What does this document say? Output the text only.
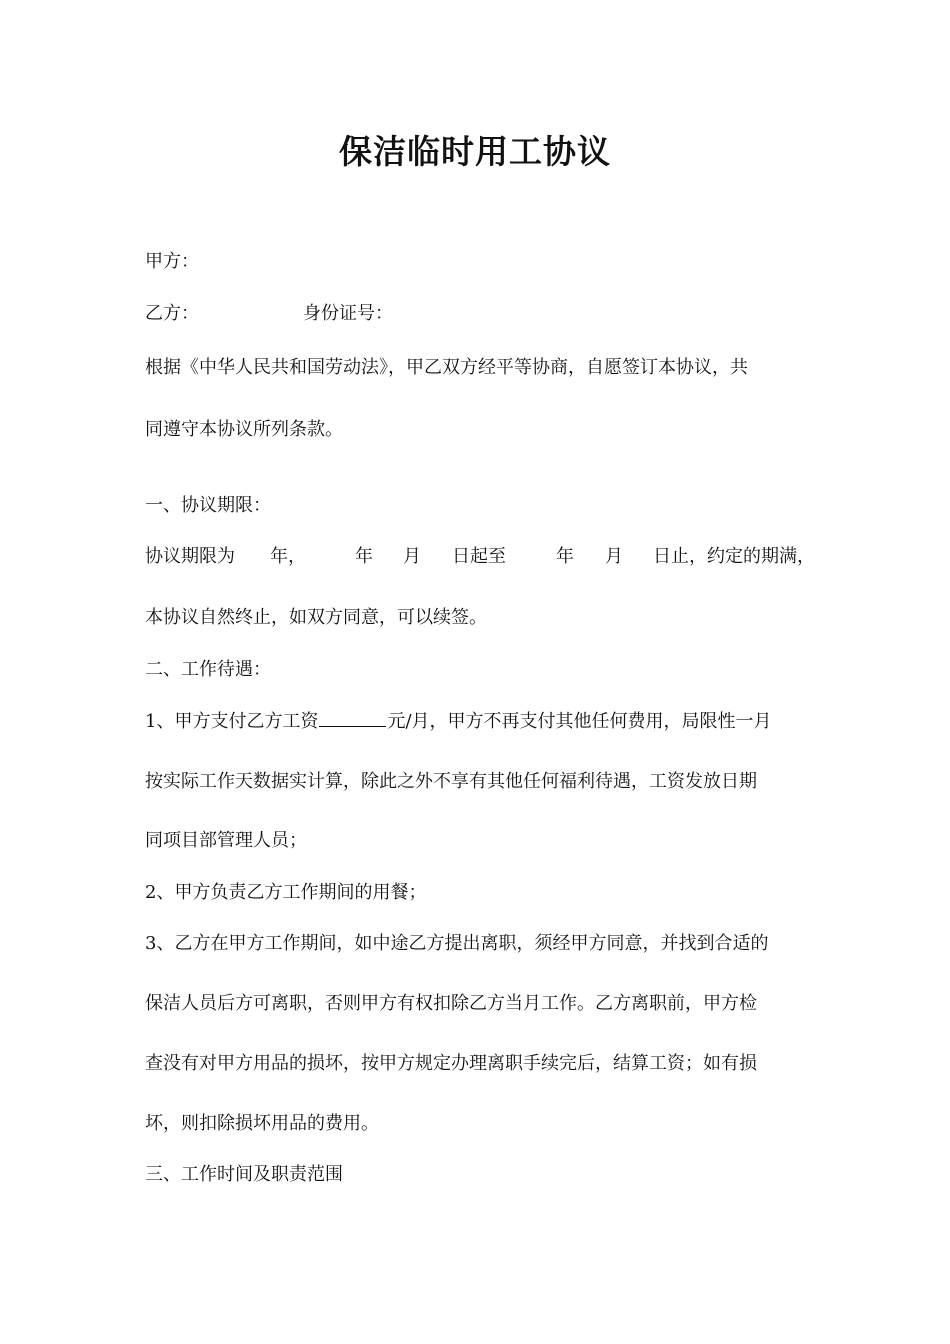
保洁临时用工协议
甲方：
乙方：	身份证号：
根据《中华人民共和国劳动法》，甲乙双方经平等协商，自愿签订本协议，共
同遵守本协议所列条款。
一、协议期限：
协议期限为 年，	年 月 日起至	年 月 日止，约定的期满，
本协议自然终止，如双方同意，可以续签。
二、工作待遇：
1、甲方支付乙方工资	元/月，甲方不再支付其他任何费用，局限性一月
按实际工作天数据实计算，除此之外不享有其他任何福利待遇，工资发放日期
同项目部管理人员；
2、甲方负责乙方工作期间的用餐；
3、乙方在甲方工作期间，如中途乙方提出离职，须经甲方同意，并找到合适的
保洁人员后方可离职，否则甲方有权扣除乙方当月工作。乙方离职前，甲方检
查没有对甲方用品的损坏，按甲方规定办理离职手续完后，结算工资；如有损
坏，则扣除损坏用品的费用。
三、工作时间及职责范围
